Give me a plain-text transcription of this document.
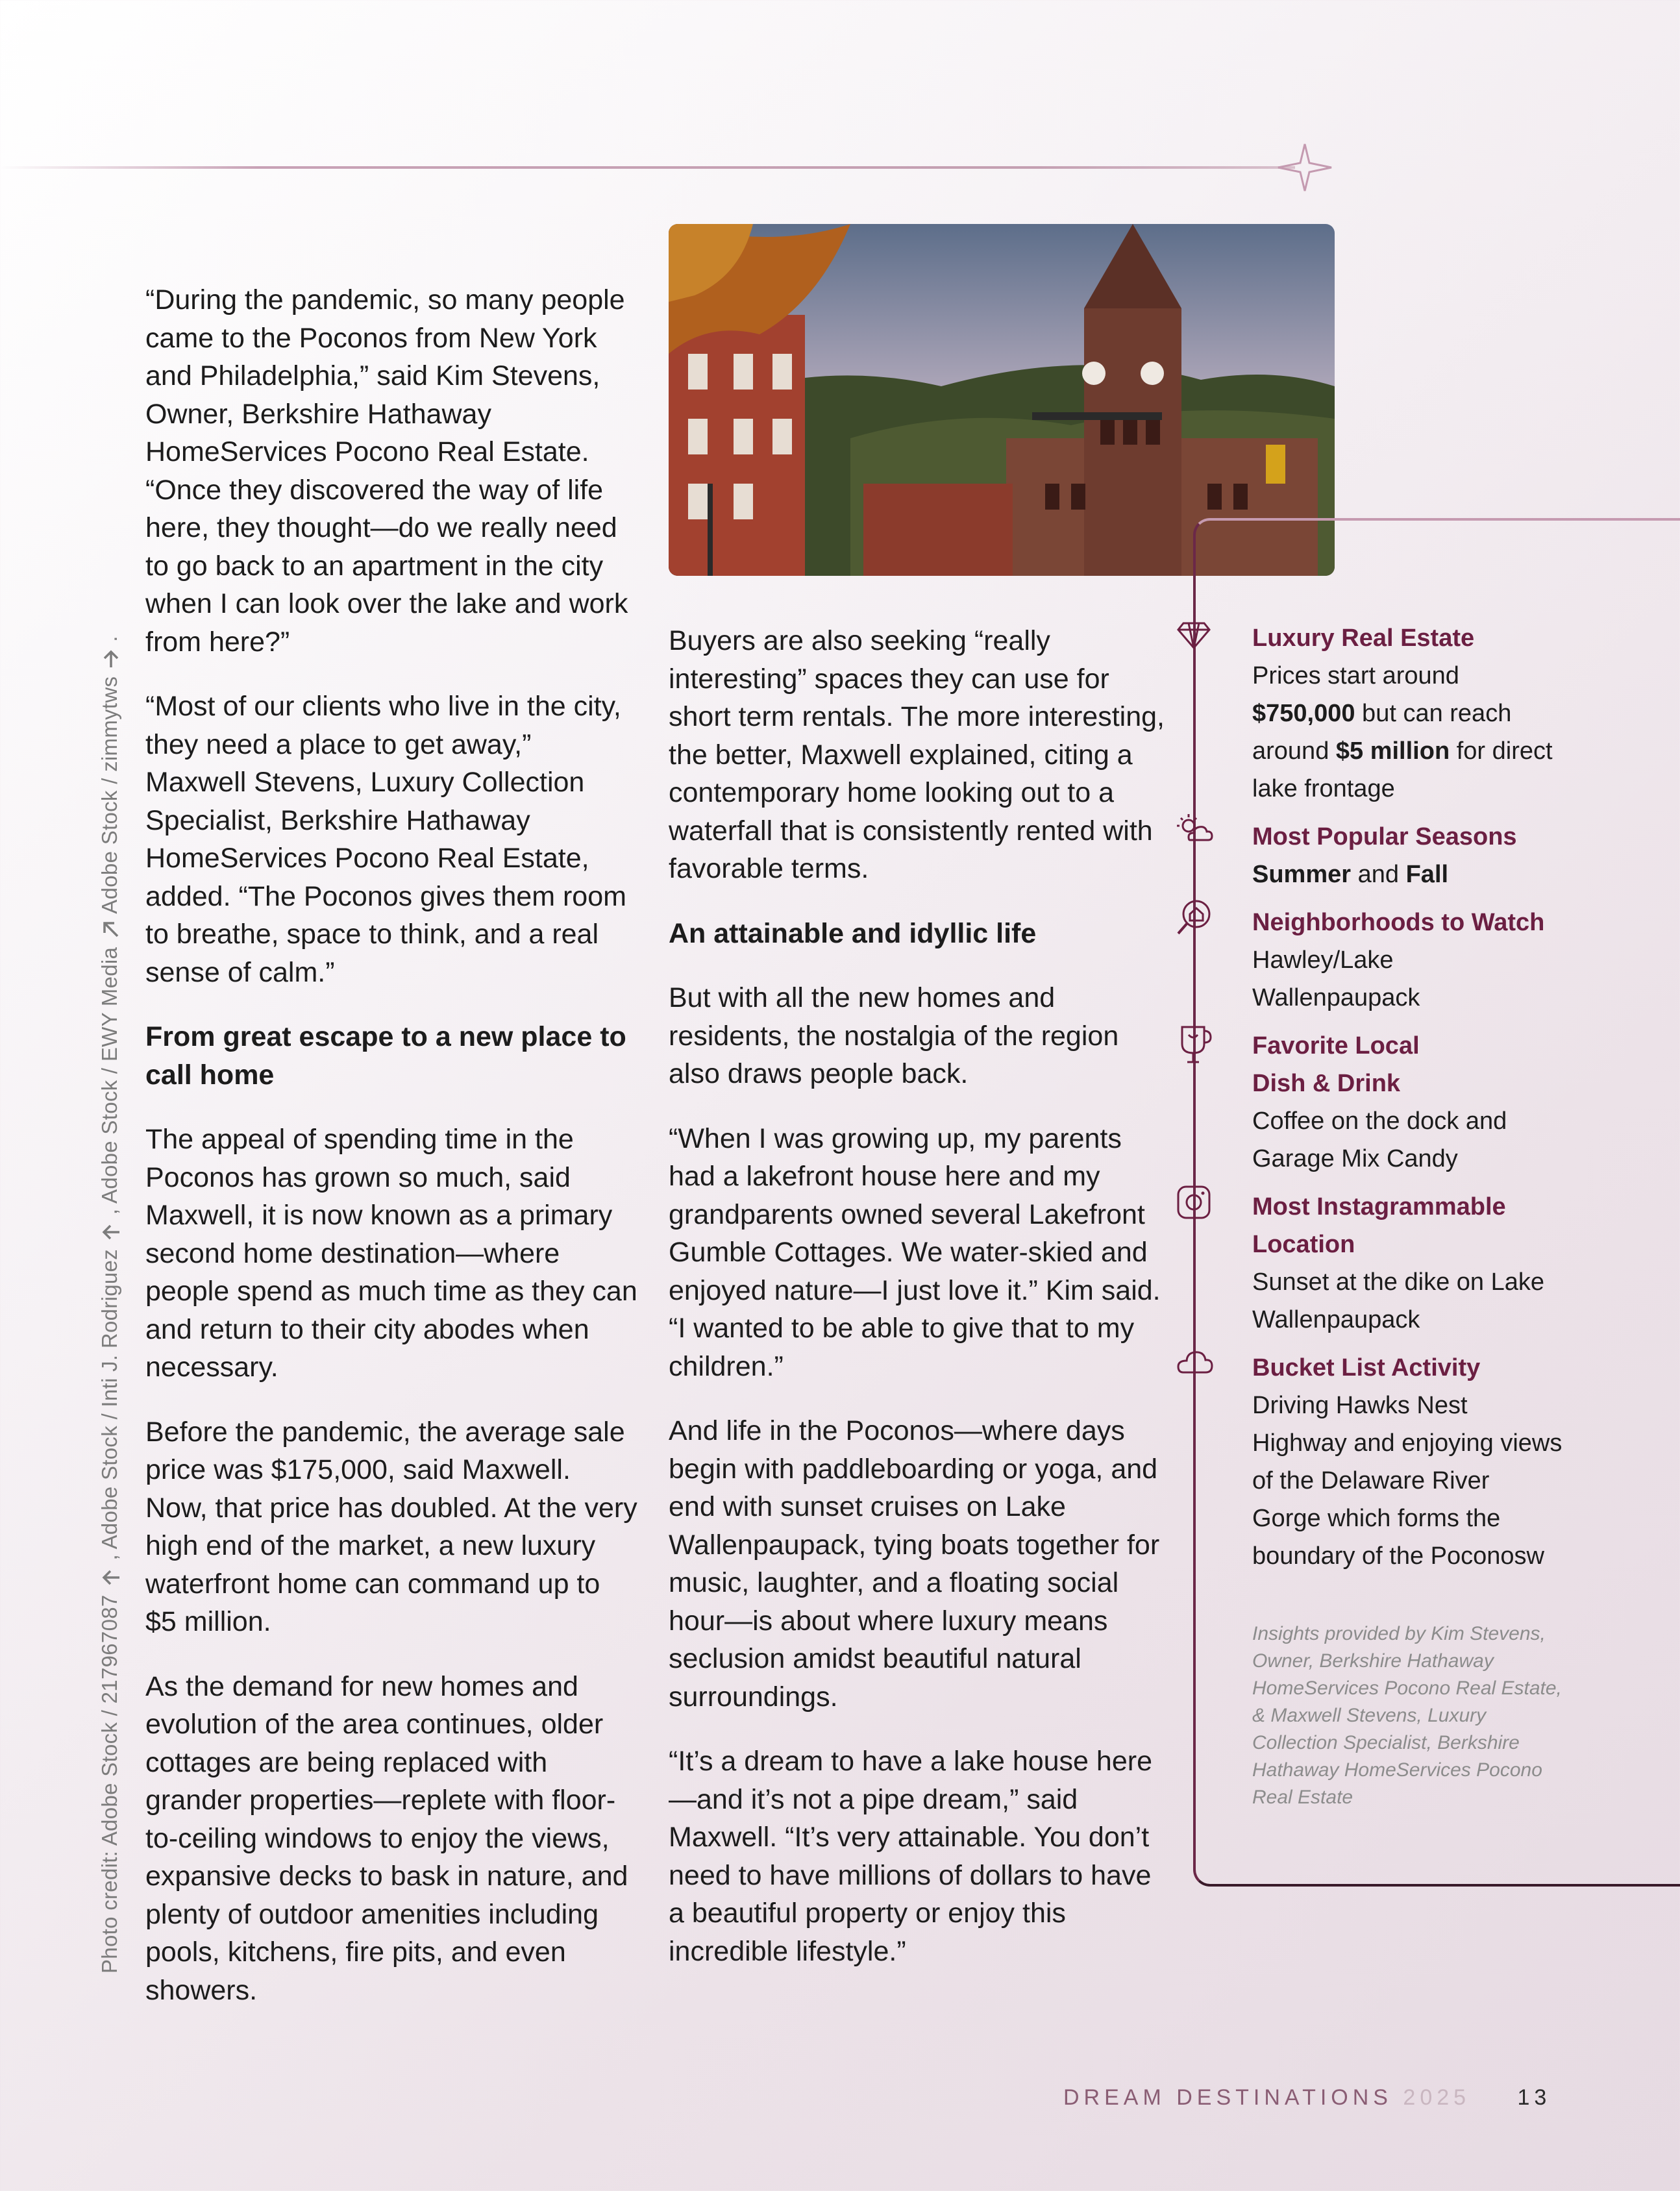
Photo credit: Adobe Stock / 217967087  , Adobe Stock / Inti J. Rodriguez  , Adobe Stock / EWY Media  Adobe Stock / zimmytws  .

“During the pandemic, so many people came to the Poconos from New York and Philadelphia,” said Kim Stevens, Owner, Berkshire Hathaway HomeServices Pocono Real Estate. “Once they discovered the way of life here, they thought—do we really need to go back to an apartment in the city when I can look over the lake and work from here?”

“Most of our clients who live in the city, they need a place to get away,” Maxwell Stevens, Luxury Collection Specialist, Berkshire Hathaway HomeServices Pocono Real Estate, added. “The Poconos gives them room to breathe, space to think, and a real sense of calm.”

From great escape to a new place to call home

The appeal of spending time in the Poconos has grown so much, said Maxwell, it is now known as a primary second home destination—where people spend as much time as they can and return to their city abodes when necessary.

Before the pandemic, the average sale price was $175,000, said Maxwell. Now, that price has doubled. At the very high end of the market, a new luxury waterfront home can command up to $5 million.

As the demand for new homes and evolution of the area continues, older cottages are being replaced with grander properties—replete with floor-to-ceiling windows to enjoy the views, expansive decks to bask in nature, and plenty of outdoor amenities including pools, kitchens, fire pits, and even showers.

Buyers are also seeking “really interesting” spaces they can use for short term rentals. The more interesting, the better, Maxwell explained, citing a contemporary home looking out to a waterfall that is consistently rented with favorable terms.

An attainable and idyllic life

But with all the new homes and residents, the nostalgia of the region also draws people back.

“When I was growing up, my parents had a lakefront house here and my grandparents owned several Lakefront Gumble Cottages. We water-skied and enjoyed nature—I just love it.” Kim said. “I wanted to be able to give that to my children.”

And life in the Poconos—where days begin with paddleboarding or yoga, and end with sunset cruises on Lake Wallenpaupack, tying boats together for music, laughter, and a floating social hour—is about where luxury means seclusion amidst beautiful natural surroundings.

“It’s a dream to have a lake house here—and it’s not a pipe dream,” said Maxwell. “It’s very attainable. You don’t need to have millions of dollars to have a beautiful property or enjoy this incredible lifestyle.”

Luxury Real Estate
Prices start around $750,000 but can reach around $5 million for direct lake frontage
Most Popular Seasons
Summer and Fall
Neighborhoods to Watch
Hawley/Lake Wallenpaupack
Favorite Local
Dish & Drink
Coffee on the dock and Garage Mix Candy
Most Instagrammable Location
Sunset at the dike on Lake Wallenpaupack
Bucket List Activity
Driving Hawks Nest Highway and enjoying views of the Delaware River Gorge which forms the boundary of the Poconosw
Insights provided by Kim Stevens, Owner, Berkshire Hathaway HomeServices Pocono Real Estate, & Maxwell Stevens, Luxury Collection Specialist, Berkshire Hathaway HomeServices Pocono Real Estate
DREAM DESTINATIONS 2025 13
